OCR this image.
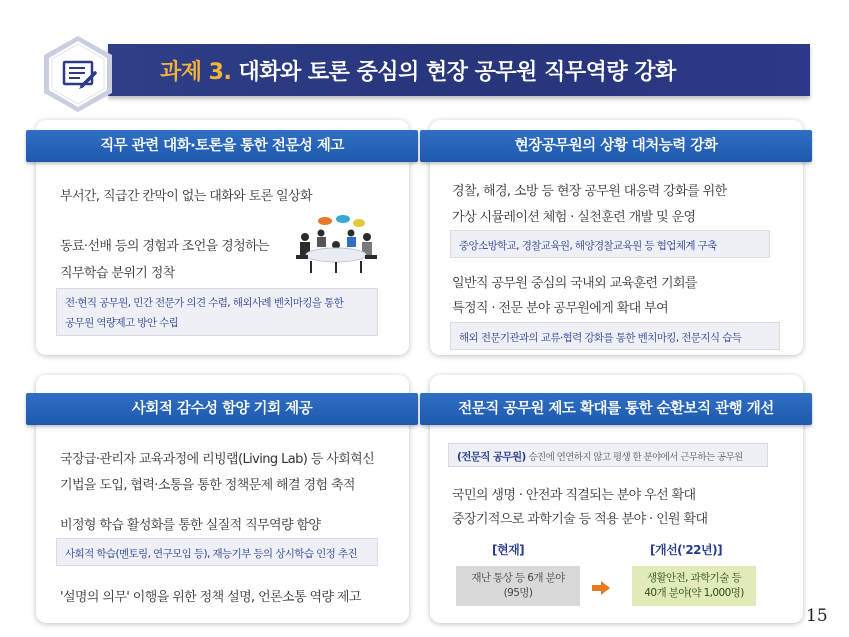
과제 3. 대화와 토론 중심의 현장 공무원 직무역량 강화
직무 관련 대화·토론을 통한 전문성 제고
부서간, 직급간 칸막이 없는 대화와 토론 일상화
동료·선배 등의 경험과 조언을 경청하는
직무학습 분위기 정착
전·현직 공무원, 민간 전문가 의견 수렴, 해외사례 벤치마킹을 통한
공무원 역량제고 방안 수립
현장공무원의 상황 대처능력 강화
경찰, 해경, 소방 등 현장 공무원 대응력 강화를 위한
가상 시뮬레이션 체험 · 실천훈련 개발 및 운영
중앙소방학교, 경찰교육원, 해양경찰교육원 등 협업체계 구축
일반직 공무원 중심의 국내외 교육훈련 기회를
특정직 · 전문 분야 공무원에게 확대 부여
해외 전문기관과의 교류·협력 강화를 통한 벤치마킹, 전문지식 습득
사회적 감수성 함양 기회 제공
국장급·관리자 교육과정에 리빙랩(Living Lab) 등 사회혁신
기법을 도입, 협력·소통을 통한 정책문제 해결 경험 축적
비정형 학습 활성화를 통한 실질적 직무역량 함양
사회적 학습(멘토링, 연구모임 등), 재능기부 등의 상시학습 인정 추진
'설명의 의무' 이행을 위한 정책 설명, 언론소통 역량 제고
전문직 공무원 제도 확대를 통한 순환보직 관행 개선
(전문직 공무원) 승진에 연연하지 않고 평생 한 분야에서 근무하는 공무원
국민의 생명 · 안전과 직결되는 분야 우선 확대
중장기적으로 과학기술 등 적용 분야 · 인원 확대
[현재]	[개선('22년)]
재난 통상 등 6개 분야
(95명)
생활안전, 과학기술 등
40개 분야(약 1,000명)
15
